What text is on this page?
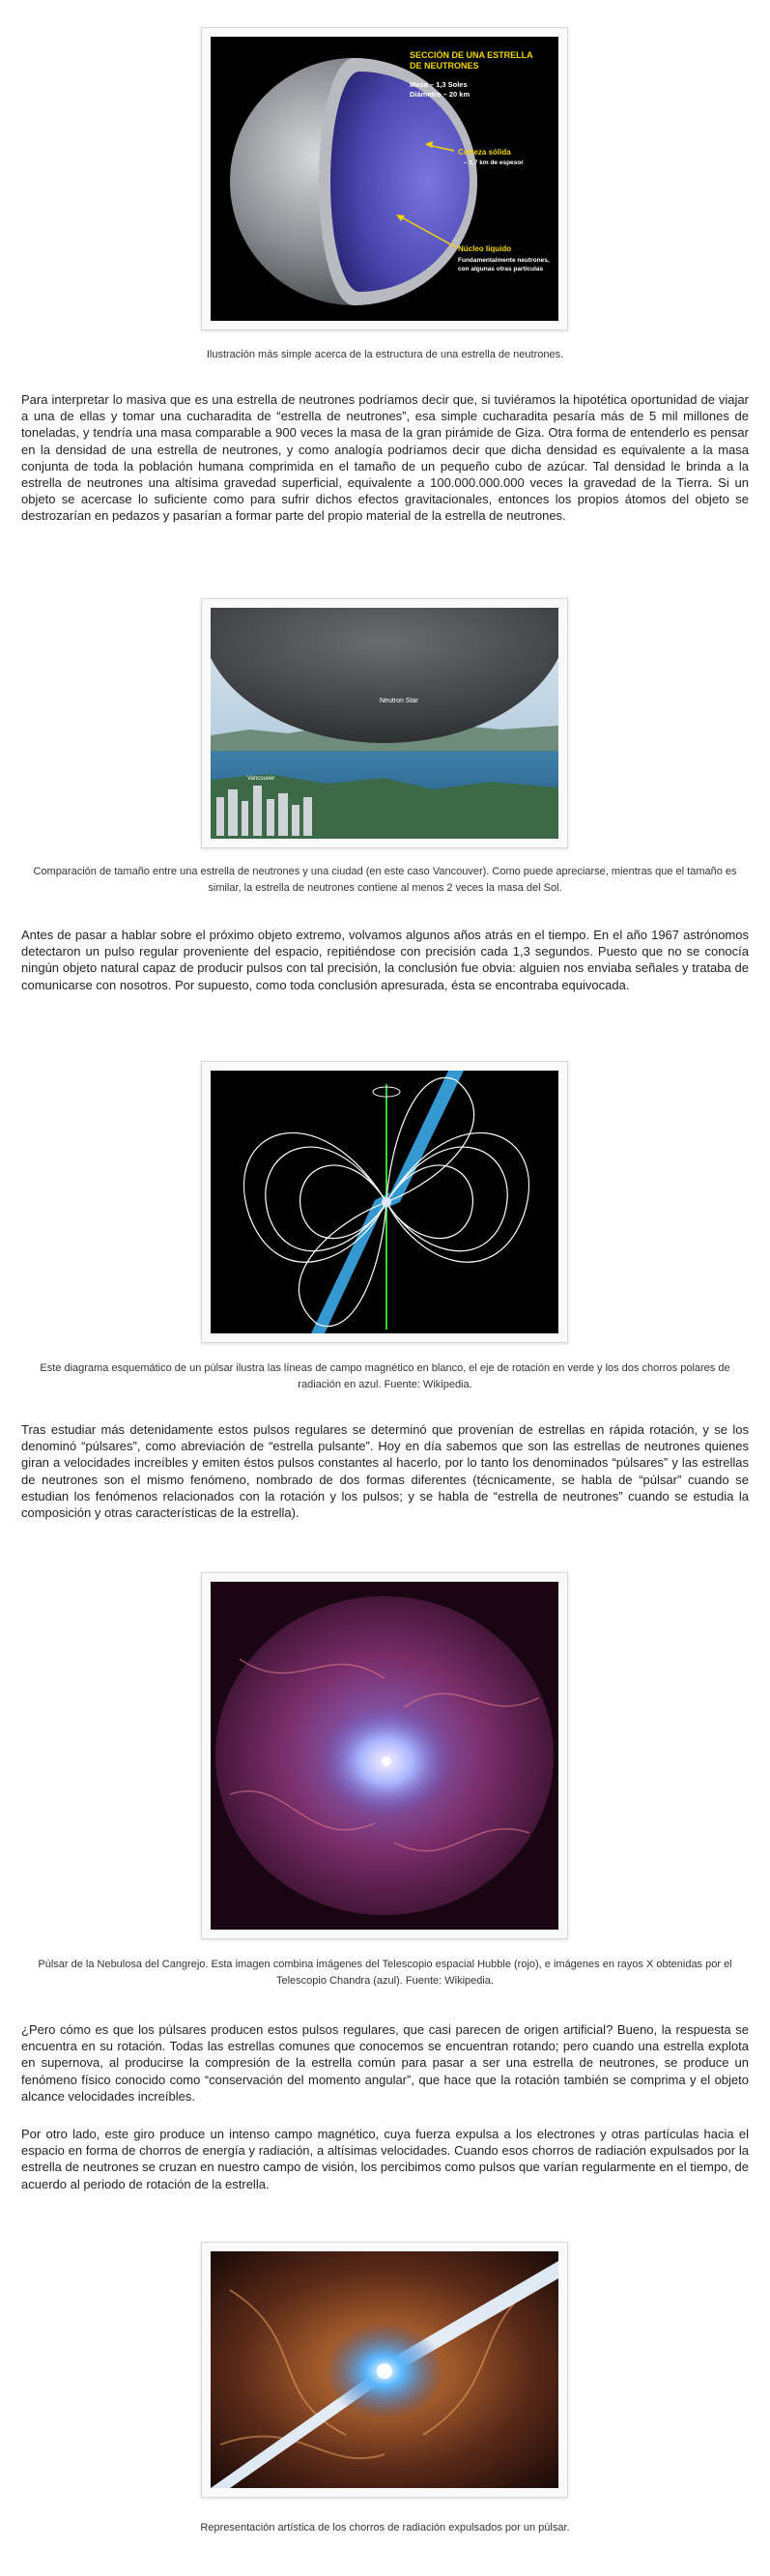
SECCIÓN DE UNA ESTRELLA DE NEUTRONES
Masa – 1,3 Soles
Diámetro – 20 km
Corteza sólida
– 1,7 km de espesor
Núcleo líquido
Fundamentalmente neutrones,
con algunas otras partículas

Ilustración más simple acerca de la estructura de una estrella de neutrones.

Para interpretar lo masiva que es una estrella de neutrones podríamos decir que, si tuviéramos la hipotética oportunidad de viajar a una de ellas y tomar una cucharadita de “estrella de neutrones”, esa simple cucharadita pesaría más de 5 mil millones de toneladas, y tendría una masa comparable a 900 veces la masa de la gran pirámide de Giza. Otra forma de entenderlo es pensar en la densidad de una estrella de neutrones, y como analogía podríamos decir que dicha densidad es equivalente a la masa conjunta de toda la población humana comprimida en el tamaño de un pequeño cubo de azúcar. Tal densidad le brinda a la estrella de neutrones una altísima gravedad superficial, equivalente a 100.000.000.000 veces la gravedad de la Tierra. Si un objeto se acercase lo suficiente como para sufrir dichos efectos gravitacionales, entonces los propios átomos del objeto se destrozarían en pedazos y pasarían a formar parte del propio material de la estrella de neutrones.

Neutron Star
Vancouver

Comparación de tamaño entre una estrella de neutrones y una ciudad (en este caso Vancouver). Como puede apreciarse, mientras que el tamaño es similar, la estrella de neutrones contiene al menos 2 veces la masa del Sol.

Antes de pasar a hablar sobre el próximo objeto extremo, volvamos algunos años atrás en el tiempo. En el año 1967 astrónomos detectaron un pulso regular proveniente del espacio, repitiéndose con precisión cada 1,3 segundos. Puesto que no se conocía ningún objeto natural capaz de producir pulsos con tal precisión, la conclusión fue obvia: alguien nos enviaba señales y trataba de comunicarse con nosotros. Por supuesto, como toda conclusión apresurada, ésta se encontraba equivocada.

Este diagrama esquemático de un púlsar ilustra las líneas de campo magnético en blanco, el eje de rotación en verde y los dos chorros polares de radiación en azul. Fuente: Wikipedia.

Tras estudiar más detenidamente estos pulsos regulares se determinó que provenían de estrellas en rápida rotación, y se los denominó “púlsares”, como abreviación de “estrella pulsante”. Hoy en día sabemos que son las estrellas de neutrones quienes giran a velocidades increíbles y emiten éstos pulsos constantes al hacerlo, por lo tanto los denominados “púlsares” y las estrellas de neutrones son el mismo fenómeno, nombrado de dos formas diferentes (técnicamente, se habla de “púlsar” cuando se estudian los fenómenos relacionados con la rotación y los pulsos; y se habla de “estrella de neutrones” cuando se estudia la composición y otras características de la estrella).

Púlsar de la Nebulosa del Cangrejo. Esta imagen combina imágenes del Telescopio espacial Hubble (rojo), e imágenes en rayos X obtenidas por el Telescopio Chandra (azul). Fuente: Wikipedia.

¿Pero cómo es que los púlsares producen estos pulsos regulares, que casi parecen de origen artificial? Bueno, la respuesta se encuentra en su rotación. Todas las estrellas comunes que conocemos se encuentran rotando; pero cuando una estrella explota en supernova, al producirse la compresión de la estrella común para pasar a ser una estrella de neutrones, se produce un fenómeno físico conocido como “conservación del momento angular”, que hace que la rotación también se comprima y el objeto alcance velocidades increíbles.

Por otro lado, este giro produce un intenso campo magnético, cuya fuerza expulsa a los electrones y otras partículas hacia el espacio en forma de chorros de energía y radiación, a altísimas velocidades. Cuando esos chorros de radiación expulsados por la estrella de neutrones se cruzan en nuestro campo de visión, los percibimos como pulsos que varían regularmente en el tiempo, de acuerdo al periodo de rotación de la estrella.

Representación artística de los chorros de radiación expulsados por un púlsar.
